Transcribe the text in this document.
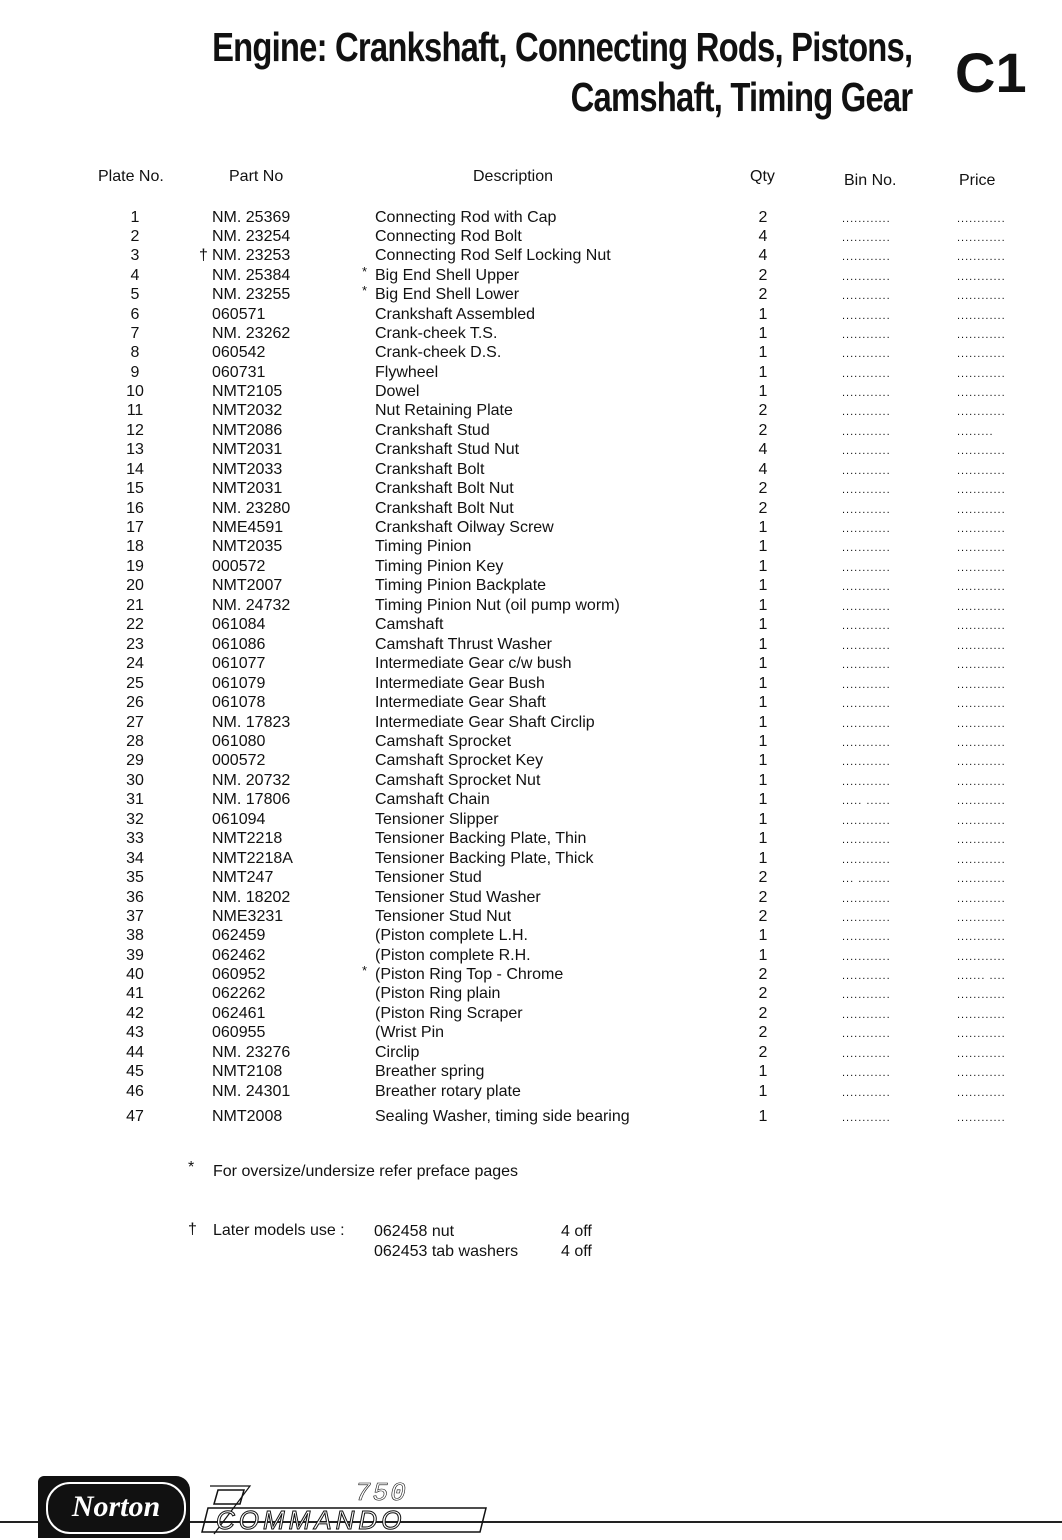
Engine: Crankshaft, Connecting Rods, Pistons,
Camshaft, Timing Gear C1
Plate No.	Part No	Description	Qty	Bin No.	Price
1	NM. 25369	Connecting Rod with Cap	2	............	............
2	NM. 23254	Connecting Rod Bolt	4	............	............
3	† NM. 23253	Connecting Rod Self Locking Nut	4	............	............
4	NM. 25384	* Big End Shell Upper	2	............	............
5	NM. 23255	* Big End Shell Lower	2	............	............
6	060571	Crankshaft Assembled	1	............	............
7	NM. 23262	Crank-cheek T.S.	1	............	............
8	060542	Crank-cheek D.S.	1	............	............
9	060731	Flywheel	1	............	............
10	NMT2105	Dowel	1	............	............
11	NMT2032	Nut Retaining Plate	2	............	............
12	NMT2086	Crankshaft Stud	2	............	.........
13	NMT2031	Crankshaft Stud Nut	4	............	............
14	NMT2033	Crankshaft Bolt	4	............	............
15	NMT2031	Crankshaft Bolt Nut	2	............	............
16	NM. 23280	Crankshaft Bolt Nut	2	............	............
17	NME4591	Crankshaft Oilway Screw	1	............	............
18	NMT2035	Timing Pinion	1	............	............
19	000572	Timing Pinion Key	1	............	............
20	NMT2007	Timing Pinion Backplate	1	............	............
21	NM. 24732	Timing Pinion Nut (oil pump worm)	1	............	............
22	061084	Camshaft	1	............	............
23	061086	Camshaft Thrust Washer	1	............	............
24	061077	Intermediate Gear c/w bush	1	............	............
25	061079	Intermediate Gear Bush	1	............	............
26	061078	Intermediate Gear Shaft	1	............	............
27	NM. 17823	Intermediate Gear Shaft Circlip	1	............	............
28	061080	Camshaft Sprocket	1	............	............
29	000572	Camshaft Sprocket Key	1	............	............
30	NM. 20732	Camshaft Sprocket Nut	1	............	............
31	NM. 17806	Camshaft Chain	1	..... ......	............
32	061094	Tensioner Slipper	1	............	............
33	NMT2218	Tensioner Backing Plate, Thin	1	............	............
34	NMT2218A	Tensioner Backing Plate, Thick	1	............	............
35	NMT247	Tensioner Stud	2	... ........	............
36	NM. 18202	Tensioner Stud Washer	2	............	............
37	NME3231	Tensioner Stud Nut	2	............	............
38	062459	(Piston complete L.H.	1	............	............
39	062462	(Piston complete R.H.	1	............	............
40	060952	* (Piston Ring Top - Chrome	2	............	....... ....
41	062262	(Piston Ring plain	2	............	............
42	062461	(Piston Ring Scraper	2	............	............
43	060955	(Wrist Pin	2	............	............
44	NM. 23276	Circlip	2	............	............
45	NMT2108	Breather spring	1	............	............
46	NM. 24301	Breather rotary plate	1	............	............
47	NMT2008	Sealing Washer, timing side bearing	1	............	............
* For oversize/undersize refer preface pages
† Later models use : 062458 nut	4 off
062453 tab washers	4 off
Norton	750
COMMANDO
